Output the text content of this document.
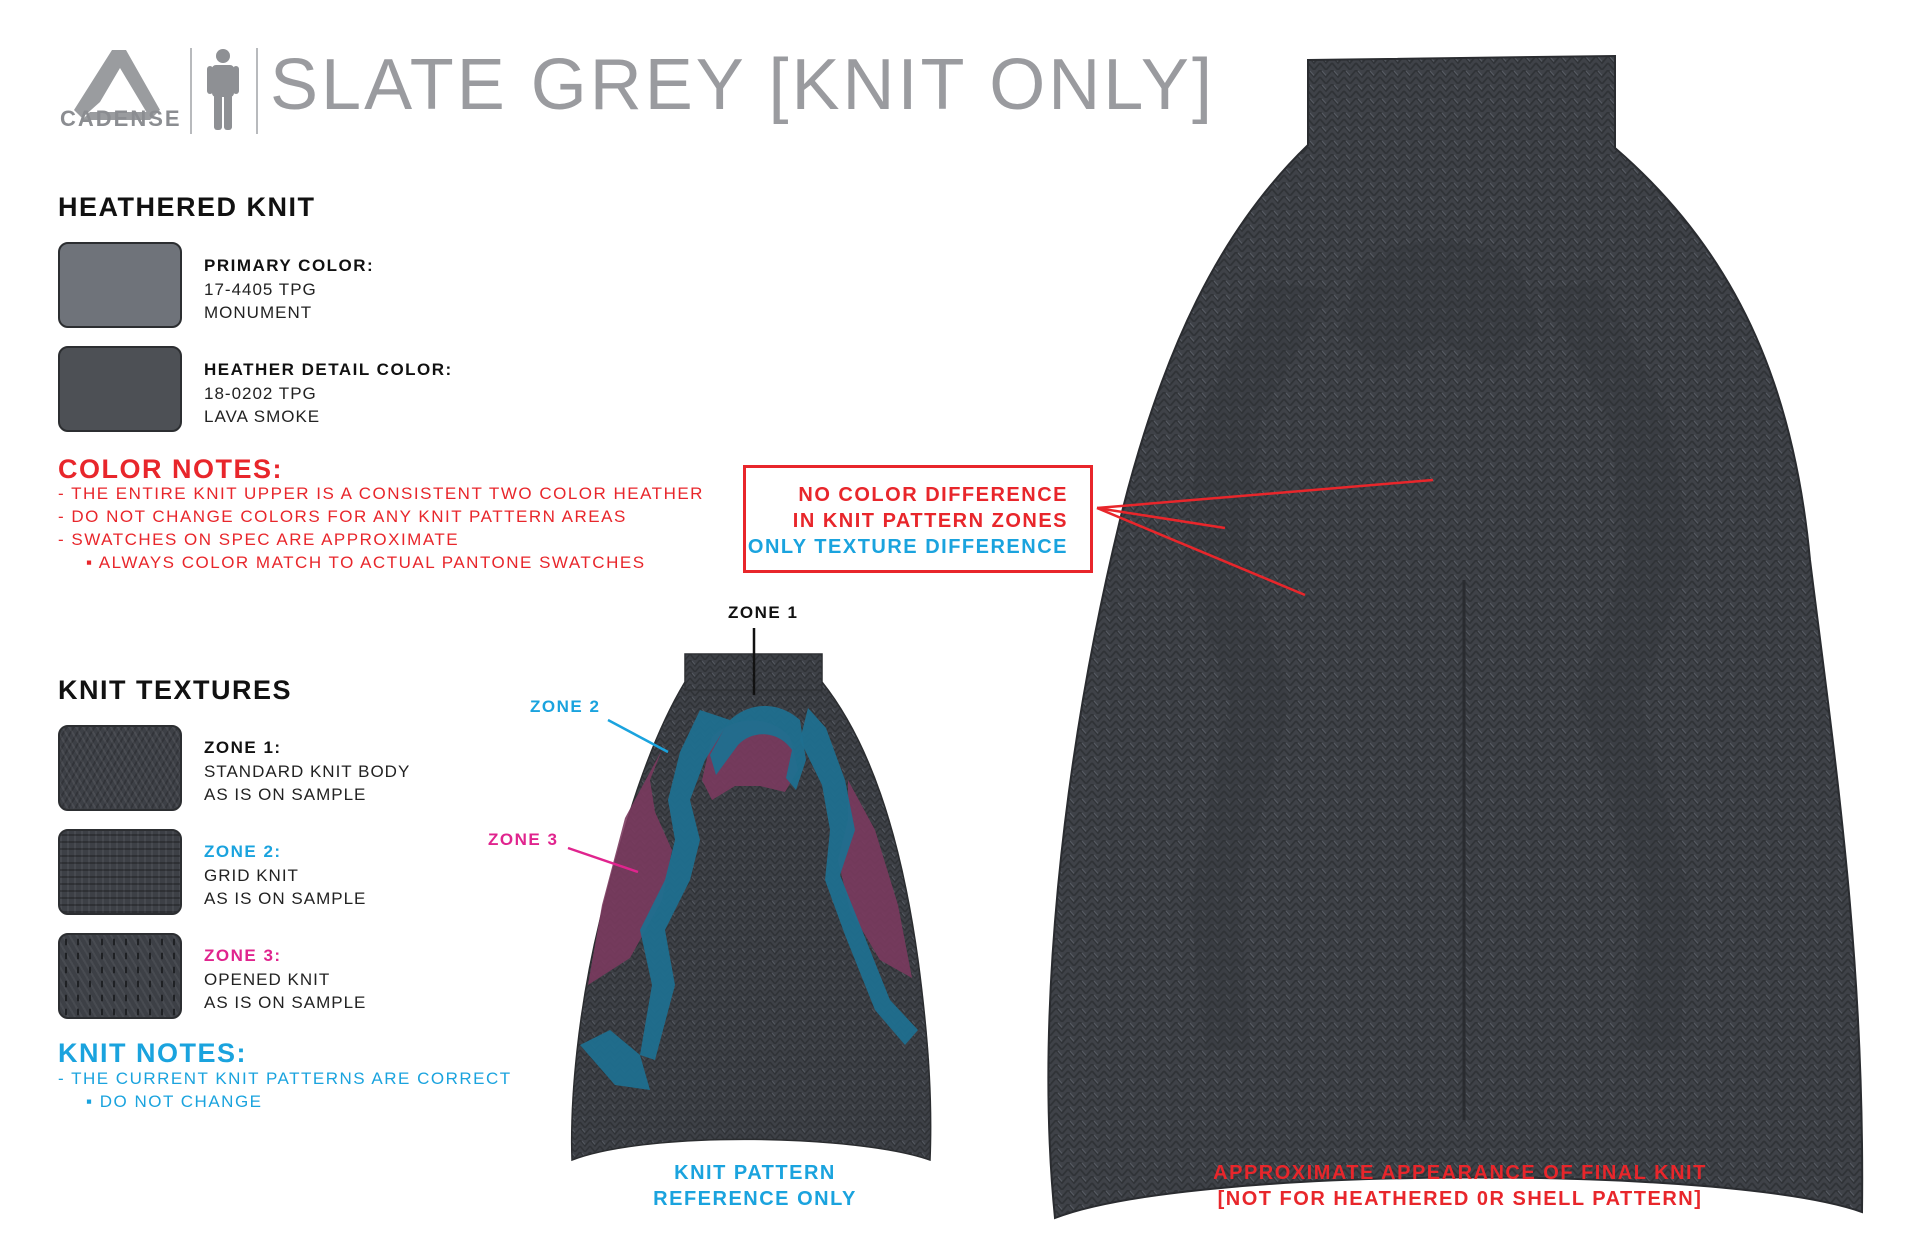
CADENSE SLATE GREY [KNIT ONLY]
HEATHERED KNIT
PRIMARY COLOR:
17-4405 TPG
MONUMENT
HEATHER DETAIL COLOR:
18-0202 TPG
LAVA SMOKE
COLOR NOTES:
- THE ENTIRE KNIT UPPER IS A CONSISTENT TWO COLOR HEATHER
- DO NOT CHANGE COLORS FOR ANY KNIT PATTERN AREAS
- SWATCHES ON SPEC ARE APPROXIMATE
▪ ALWAYS COLOR MATCH TO ACTUAL PANTONE SWATCHES
KNIT TEXTURES
ZONE 1:
STANDARD KNIT BODY
AS IS ON SAMPLE
ZONE 2:
GRID KNIT
AS IS ON SAMPLE
ZONE 3:
OPENED KNIT
AS IS ON SAMPLE
KNIT NOTES:
- THE CURRENT KNIT PATTERNS ARE CORRECT
▪ DO NOT CHANGE
NO COLOR DIFFERENCE
IN KNIT PATTERN ZONES
ONLY TEXTURE DIFFERENCE
ZONE 1
ZONE 2
ZONE 3
KNIT PATTERN
REFERENCE ONLY
APPROXIMATE APPEARANCE OF FINAL KNIT
[NOT FOR HEATHERED 0R SHELL PATTERN]
